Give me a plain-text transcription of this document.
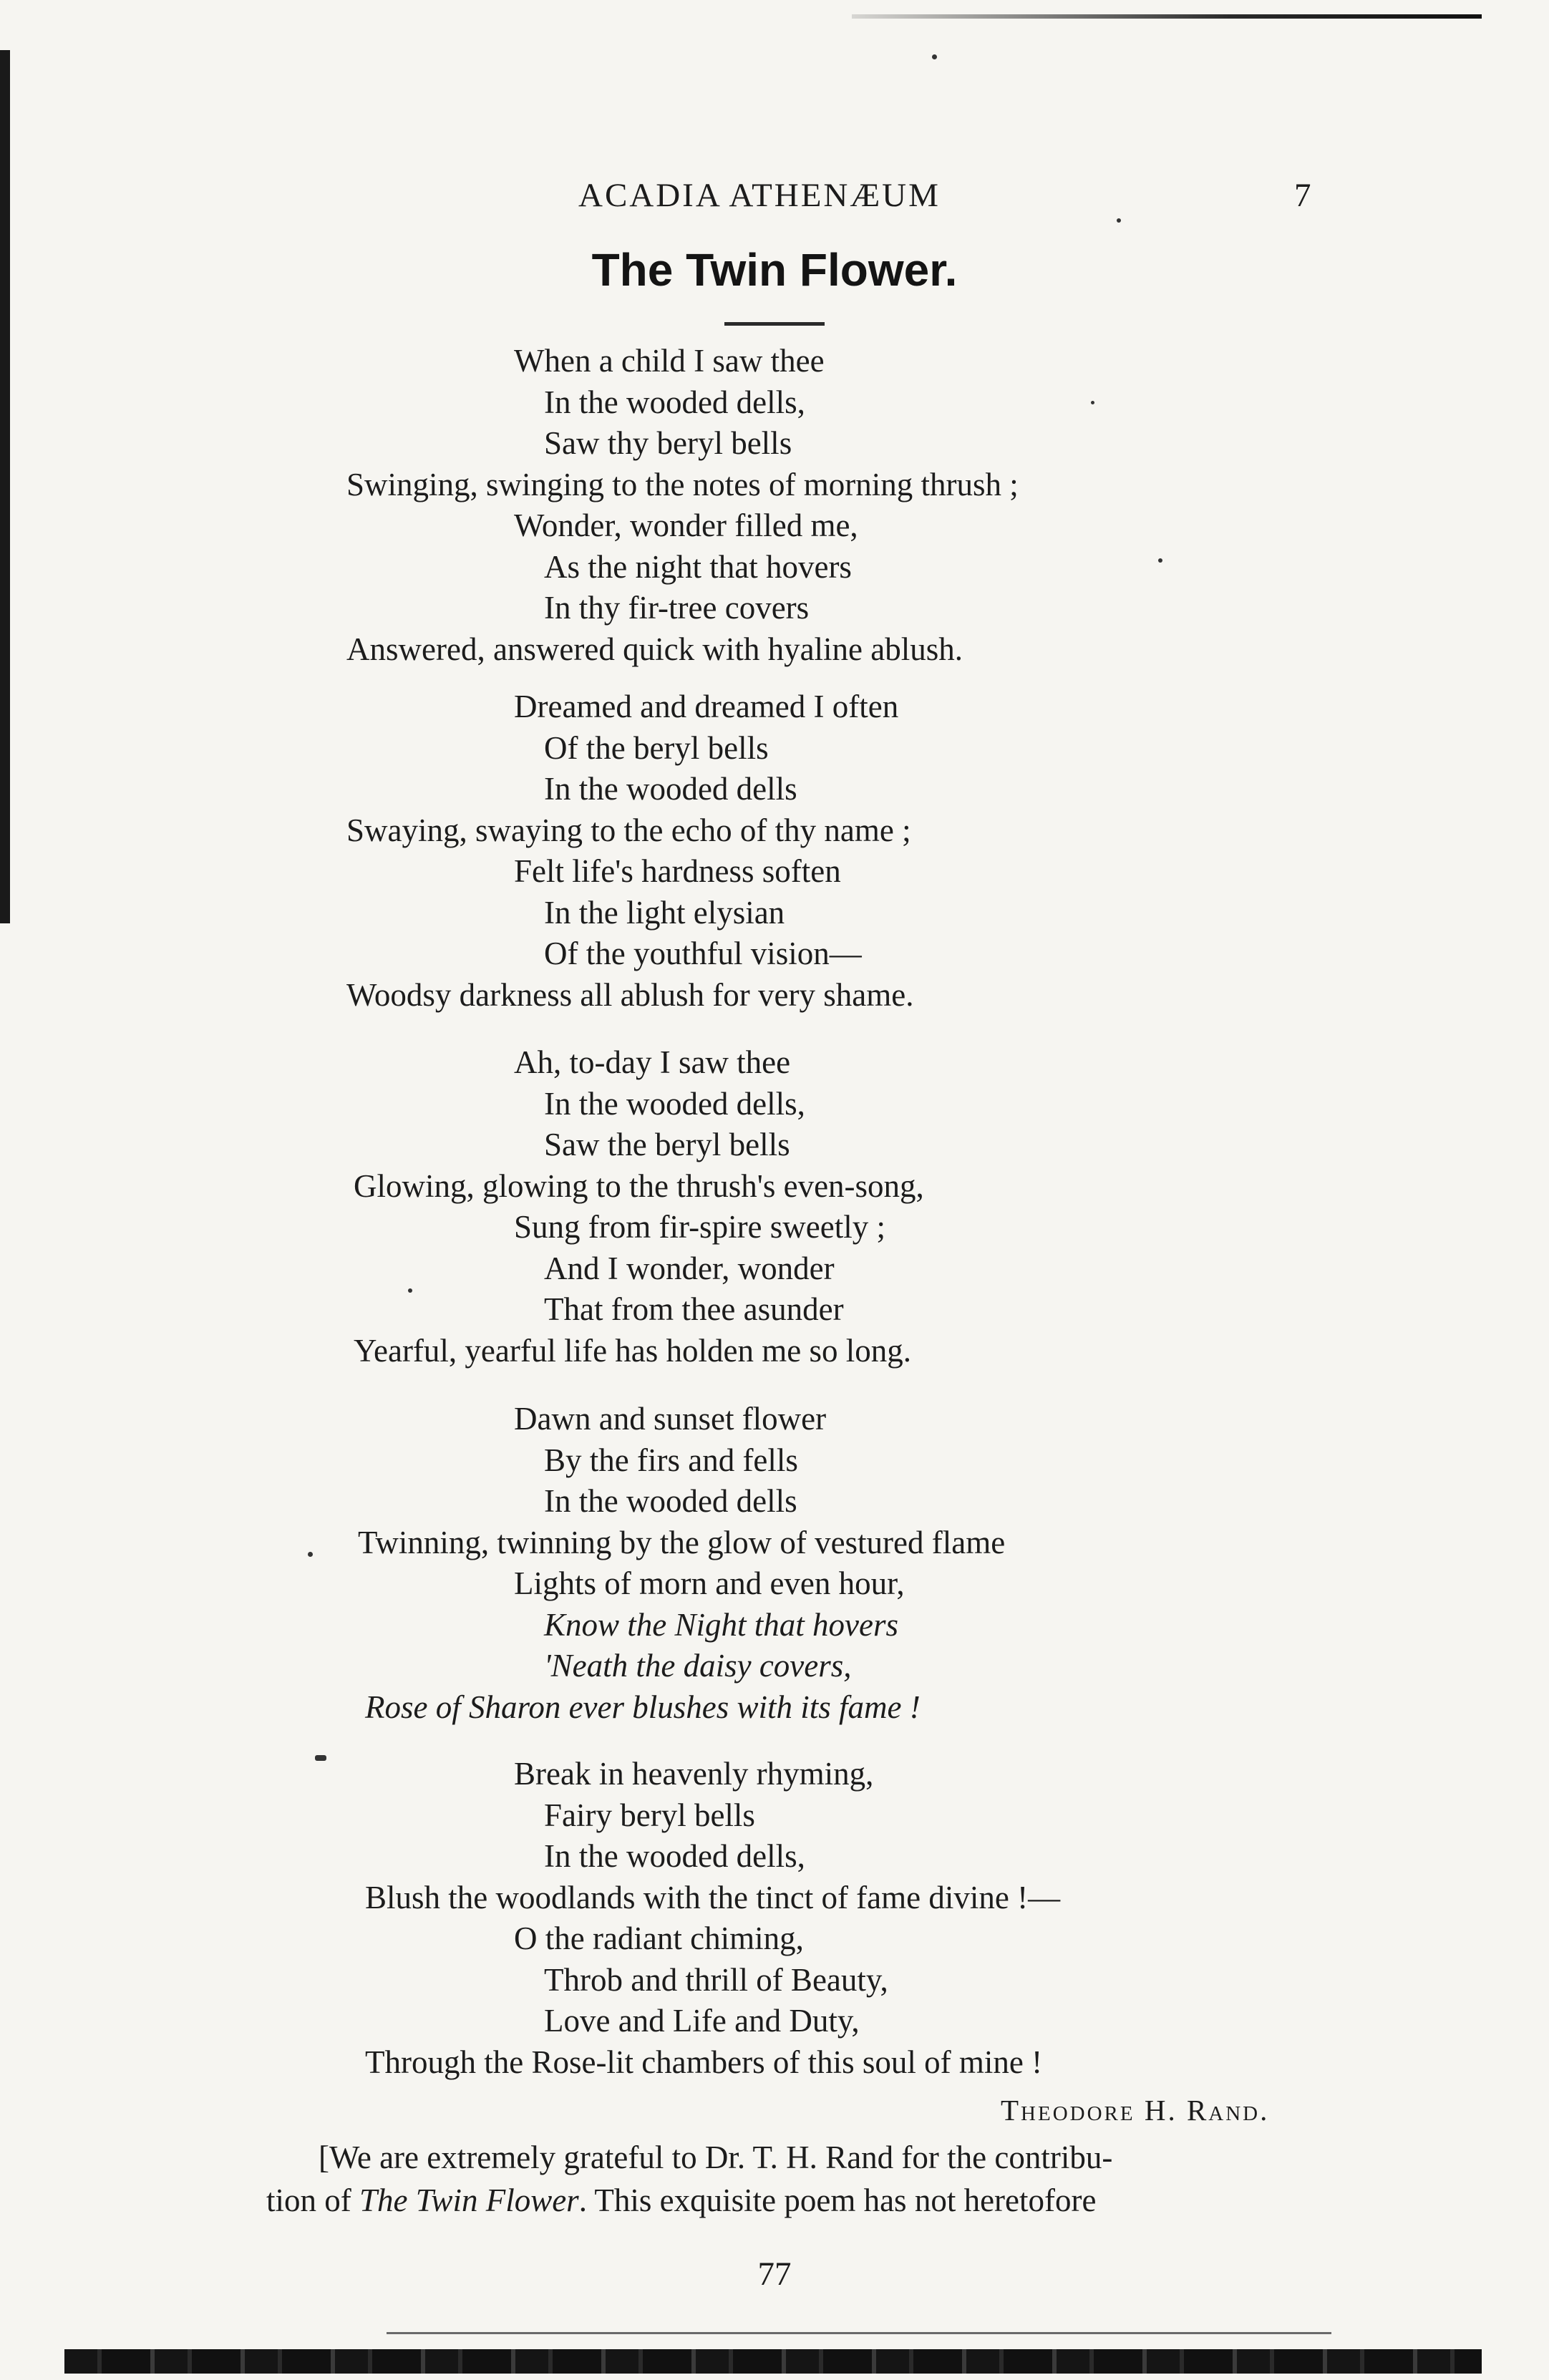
ACADIA ATHENÆUM	7
The Twin Flower.
When a child I saw thee
In the wooded dells,
Saw thy beryl bells
Swinging, swinging to the notes of morning thrush ;
Wonder, wonder filled me,
As the night that hovers
In thy fir-tree covers
Answered, answered quick with hyaline ablush.
Dreamed and dreamed I often
Of the beryl bells
In the wooded dells
Swaying, swaying to the echo of thy name ;
Felt life's hardness soften
In the light elysian
Of the youthful vision—
Woodsy darkness all ablush for very shame.
Ah, to-day I saw thee
In the wooded dells,
Saw the beryl bells
Glowing, glowing to the thrush's even-song,
Sung from fir-spire sweetly ;
And I wonder, wonder
That from thee asunder
Yearful, yearful life has holden me so long.
Dawn and sunset flower
By the firs and fells
In the wooded dells
Twinning, twinning by the glow of vestured flame
Lights of morn and even hour,
Know the Night that hovers
'Neath the daisy covers,
Rose of Sharon ever blushes with its fame !
Break in heavenly rhyming,
Fairy beryl bells
In the wooded dells,
Blush the woodlands with the tinct of fame divine !—
O the radiant chiming,
Throb and thrill of Beauty,
Love and Life and Duty,
Through the Rose-lit chambers of this soul of mine !
Theodore H. Rand.
[We are extremely grateful to Dr. T. H. Rand for the contribu-
tion of The Twin Flower. This exquisite poem has not heretofore
77
